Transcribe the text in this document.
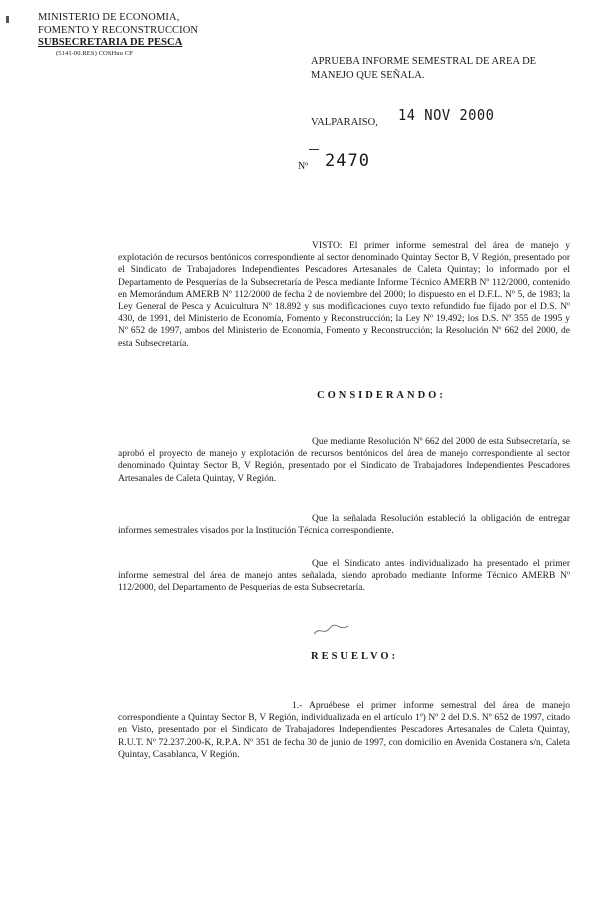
MINISTERIO DE ECONOMIA,
FOMENTO Y RECONSTRUCCION
SUBSECRETARIA DE PESCA
(5141-00.RES) COSHuu CP
APRUEBA INFORME SEMESTRAL DE AREA DE MANEJO QUE SEÑALA.
VALPARAISO, 14 NOV 2000
Nº 2470
VISTO: El primer informe semestral del área de manejo y explotación de recursos bentónicos correspondiente al sector denominado Quintay Sector B, V Región, presentado por el Sindicato de Trabajadores Independientes Pescadores Artesanales de Caleta Quintay; lo informado por el Departamento de Pesquerías de la Subsecretaría de Pesca mediante Informe Técnico AMERB Nº 112/2000, contenido en Memorándum AMERB Nº 112/2000 de fecha 2 de noviembre del 2000; lo dispuesto en el D.F.L. Nº 5, de 1983; la Ley General de Pesca y Acuicultura Nº 18.892 y sus modificaciones cuyo texto refundido fue fijado por el D.S. Nº 430, de 1991, del Ministerio de Economía, Fomento y Reconstrucción; la Ley Nº 19.492; los D.S. Nº 355 de 1995 y Nº 652 de 1997, ambos del Ministerio de Economía, Fomento y Reconstrucción; la Resolución Nº 662 del 2000, de esta Subsecretaría.
CONSIDERANDO:
Que mediante Resolución Nº 662 del 2000 de esta Subsecretaría, se aprobó el proyecto de manejo y explotación de recursos bentónicos del área de manejo correspondiente al sector denominado Quintay Sector B, V Región, presentado por el Sindicato de Trabajadores Independientes Pescadores Artesanales de Caleta Quintay, V Región.
Que la señalada Resolución estableció la obligación de entregar informes semestrales visados por la Institución Técnica correspondiente.
Que el Sindicato antes individualizado ha presentado el primer informe semestral del área de manejo antes señalada, siendo aprobado mediante Informe Técnico AMERB Nº 112/2000, del Departamento de Pesquerías de esta Subsecretaría.
RESUELVO:
1.- Apruébese el primer informe semestral del área de manejo correspondiente a Quintay Sector B, V Región, individualizada en el artículo 1º) Nº 2 del D.S. Nº 652 de 1997, citado en Visto, presentado por el Sindicato de Trabajadores Independientes Pescadores Artesanales de Caleta Quintay, R.U.T. Nº 72.237.200-K, R.P.A. Nº 351 de fecha 30 de junio de 1997, con domicilio en Avenida Costanera s/n, Caleta Quintay, Casablanca, V Región.
